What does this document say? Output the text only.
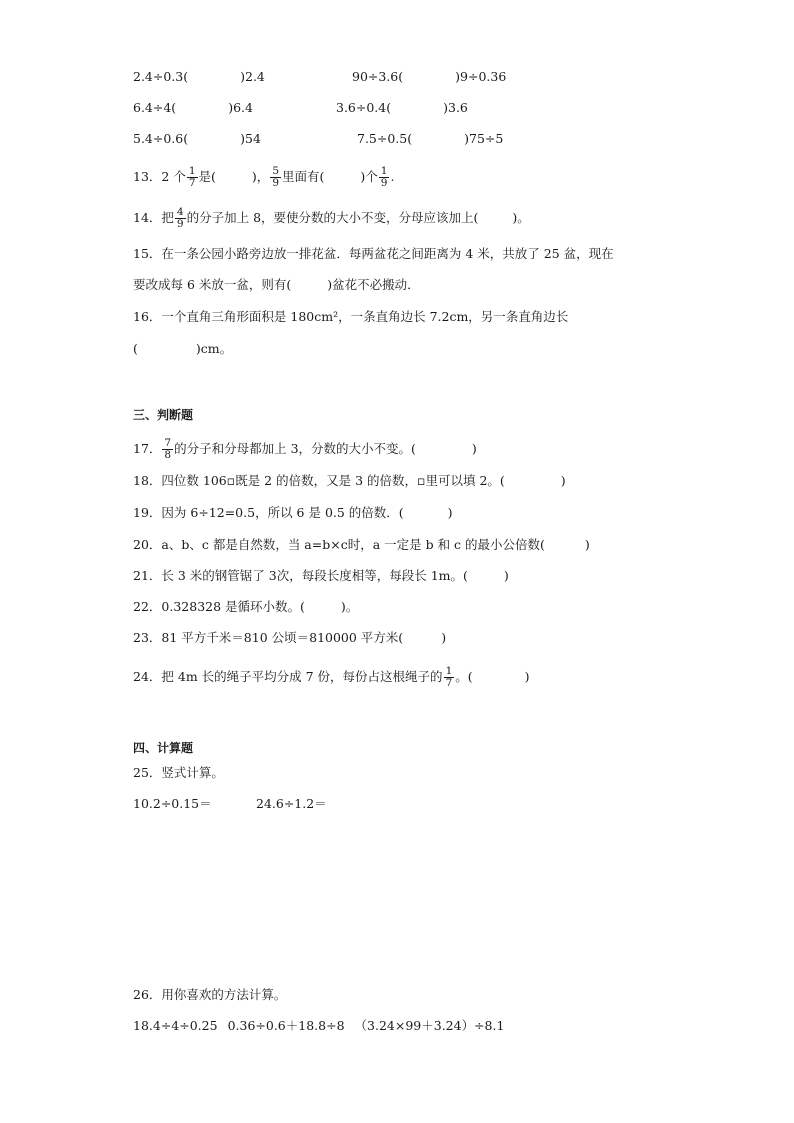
2.4÷0.3(	)2.4	90÷3.6(	)9÷0.36
6.4÷4(	)6.4	3.6÷0.4(	)3.6
5.4÷0.6(	)54	7.5÷0.5(	)75÷5
13．2 个 $\frac{1}{7}$ 是(	)， $\frac{5}{9}$ 里面有(	)个 $\frac{1}{9}$ .
14．把 $\frac{4}{9}$ 的分子加上 8，要使分数的大小不变，分母应该加上(	)。
15．在一条公园小路旁边放一排花盆．每两盆花之间距离为 4 米，共放了 25 盆，现在
要改成每 6 米放一盆，则有(	)盆花不必搬动．
16．一个直角三角形面积是 180cm²，一条直角边长 7.2cm，另一条直角边长
(	)cm。
三、判断题
17． $\frac{7}{8}$ 的分子和分母都加上 3，分数的大小不变。(	)
18．四位数 106▫既是 2 的倍数，又是 3 的倍数，▫里可以填 2。(	)
19．因为 6÷12=0.5，所以 6 是 0.5 的倍数．(	)
20．a、b、c 都是自然数，当 a=b×c时，a 一定是 b 和 c 的最小公倍数(	)
21．长 3 米的钢管锯了 3次，每段长度相等，每段长 1m。(	)
22．0.328328 是循环小数。(	)。
23．81 平方千米＝810 公顷＝810000 平方米(	)
24．把 4m 长的绳子平均分成 7 份，每份占这根绳子的 $\frac{1}{7}$ 。(	)
四、计算题
25．竖式计算。
10.2÷0.15＝	24.6÷1.2＝
26．用你喜欢的方法计算。
18.4÷4÷0.25 0.36÷0.6＋18.8÷8 （3.24×99＋3.24）÷8.1
